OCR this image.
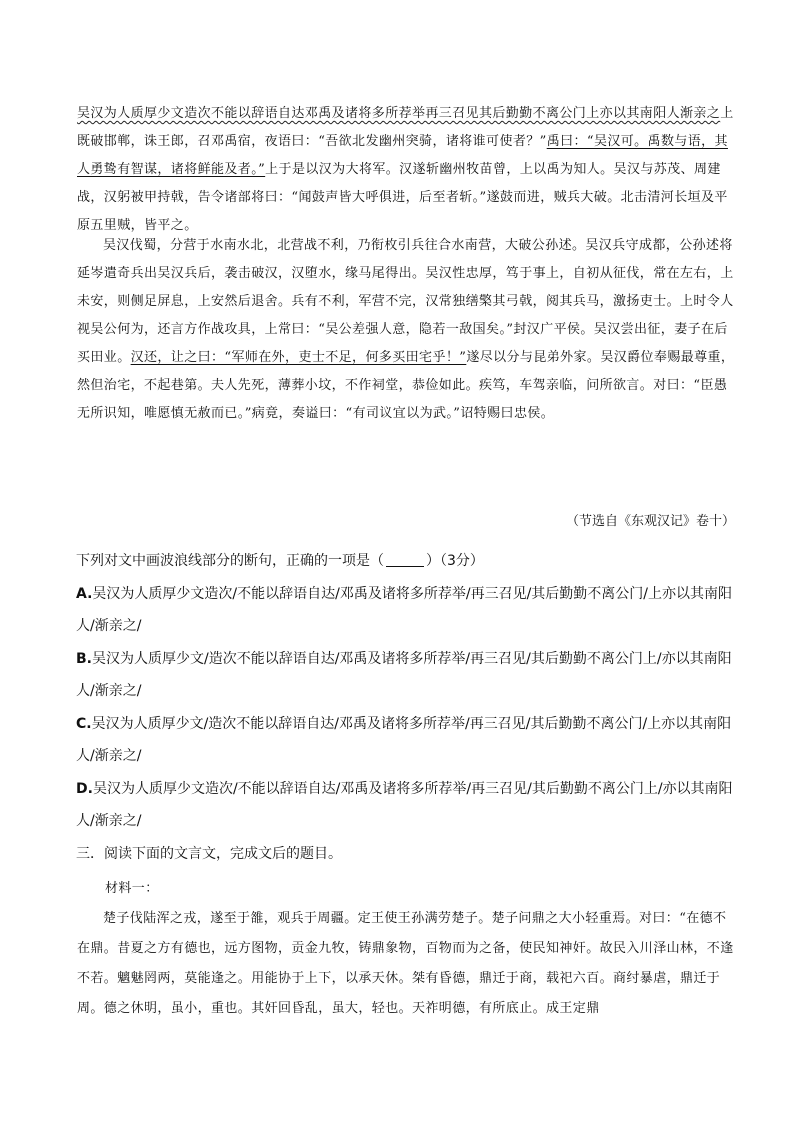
吴汉为人质厚少文造次不能以辞语自达邓禹及诸将多所荐举再三召见其后勤勤不离公门上亦以其南阳人渐亲之上既破邯郸，诛王郎，召邓禹宿，夜语曰：“吾欲北发幽州突骑，诸将谁可使者？”禹曰：“吴汉可。禹数与语，其人勇鸷有智谋，诸将鲜能及者。”上于是以汉为大将军。汉遂斩幽州牧苗曾，上以禹为知人。吴汉与苏茂、周建战，汉躬被甲持戟，告令诸部将曰：“闻鼓声皆大呼俱进，后至者斩。”遂鼓而进，贼兵大破。北击清河长垣及平原五里贼，皆平之。
吴汉伐蜀，分营于水南水北，北营战不利，乃衔枚引兵往合水南营，大破公孙述。吴汉兵守成都，公孙述将延岑遣奇兵出吴汉兵后，袭击破汉，汉堕水，缘马尾得出。吴汉性忠厚，笃于事上，自初从征伐，常在左右，上未安，则侧足屏息，上安然后退舍。兵有不利，军营不完，汉常独缮檠其弓戟，阅其兵马，激扬吏士。上时令人视吴公何为，还言方作战攻具，上常曰：“吴公差强人意，隐若一敌国矣。”封汉广平侯。吴汉尝出征，妻子在后买田业。汉还，让之曰：“军师在外，吏士不足，何多买田宅乎！”遂尽以分与昆弟外家。吴汉爵位奉赐最尊重，然但治宅，不起巷第。夫人先死，薄葬小坟，不作祠堂，恭俭如此。疾笃，车驾亲临，问所欲言。对曰：“臣愚无所识知，唯愿慎无赦而已。”病竟，奏谥曰：“有司议宜以为武。”诏特赐曰忠侯。
（节选自《东观汉记》卷十）
下列对文中画波浪线部分的断句，正确的一项是（	）（3分）
A.吴汉为人质厚少文造次/不能以辞语自达/邓禹及诸将多所荐举/再三召见/其后勤勤不离公门/上亦以其南阳人/渐亲之/
B.吴汉为人质厚少文/造次不能以辞语自达/邓禹及诸将多所荐举/再三召见/其后勤勤不离公门上/亦以其南阳人/渐亲之/
C.吴汉为人质厚少文/造次不能以辞语自达/邓禹及诸将多所荐举/再三召见/其后勤勤不离公门/上亦以其南阳人/渐亲之/
D.吴汉为人质厚少文造次/不能以辞语自达/邓禹及诸将多所荐举/再三召见/其后勤勤不离公门上/亦以其南阳人/渐亲之/
三．阅读下面的文言文，完成文后的题目。
材料一：
楚子伐陆浑之戎，遂至于雒，观兵于周疆。定王使王孙满劳楚子。楚子问鼎之大小轻重焉。对曰：“在德不在鼎。昔夏之方有德也，远方图物，贡金九牧，铸鼎象物，百物而为之备，使民知神奸。故民入川泽山林，不逢不若。魑魅罔两，莫能逢之。用能协于上下，以承天休。桀有昏德，鼎迁于商，载祀六百。商纣暴虐，鼎迁于周。德之休明，虽小，重也。其奸回昏乱，虽大，轻也。天祚明德，有所底止。成王定鼎
